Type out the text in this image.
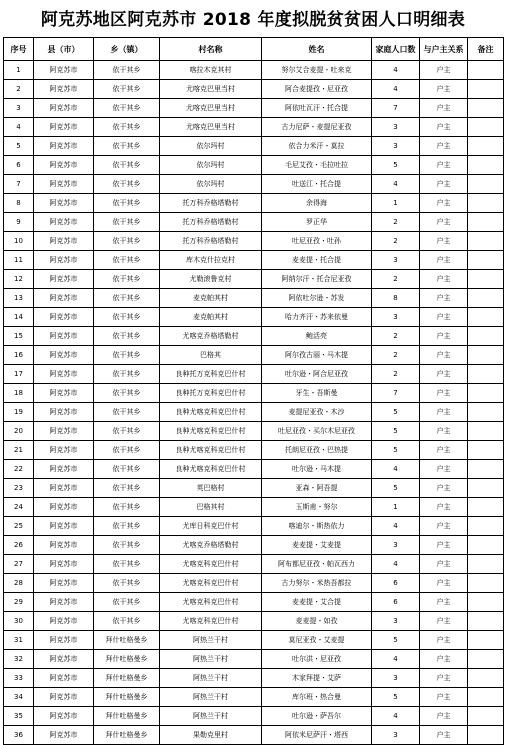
阿克苏地区阿克苏市 2018 年度拟脱贫贫困人口明细表
序号	县（市）	乡（镇）	村名称	姓名	家庭人口数	与户主关系	备注
1	阿克苏市	依干其乡	喀拉木克其村	努尔艾合麦提・吐来克	4	户主	
2	阿克苏市	依干其乡	尤喀克巴里当村	阿合麦提孜・尼亚孜	4	户主	
3	阿克苏市	依干其乡	尤喀克巴里当村	阿依吐瓦汗・托合提	7	户主	
4	阿克苏市	依干其乡	尤喀克巴里当村	古力尼萨・麦提尼亚孜	3	户主	
5	阿克苏市	依干其乡	依尔玛村	依合力米汗・莫拉	3	户主	
6	阿克苏市	依干其乡	依尔玛村	毛尼艾孜・毛拉吐拉	5	户主	
7	阿克苏市	依干其乡	依尔玛村	吐送江・托合提	4	户主	
8	阿克苏市	依干其乡	托万科乔格塔勒村	余得海	1	户主	
9	阿克苏市	依干其乡	托万科乔格塔勒村	罗正华	2	户主	
10	阿克苏市	依干其乡	托万科乔格塔勒村	吐尼亚孜・吐孙	2	户主	
11	阿克苏市	依干其乡	库木克什拉克村	麦麦提・托合提	3	户主	
12	阿克苏市	依干其乡	尤勒滚鲁克村	阿纳尔汗・托合尼亚孜	2	户主	
13	阿克苏市	依干其乡	麦克帕其村	阿依吐尔逊・苏发	8	户主	
14	阿克苏市	依干其乡	麦克帕其村	哈力齐汗・苏来依曼	3	户主	
15	阿克苏市	依干其乡	尤喀克乔格塔勒村	鲍活亮	2	户主	
16	阿克苏市	依干其乡	巴格其	阿尔孜古丽・马木提	2	户主	
17	阿克苏市	依干其乡	良种托万克科克巴什村	吐尔逊・阿合尼亚孜	2	户主	
18	阿克苏市	依干其乡	良种托万克科克巴什村	牙生・吾斯曼	7	户主	
19	阿克苏市	依干其乡	良种尤喀克科克巴什村	麦提尼亚孜・木沙	5	户主	
20	阿克苏市	依干其乡	良种尤喀克科克巴什村	吐尼亚孜・买尔木尼亚孜	5	户主	
21	阿克苏市	依干其乡	良种尤喀克科克巴什村	托朗尼亚孜・巴热提	5	户主	
22	阿克苏市	依干其乡	良种尤喀克科克巴什村	吐尔逊・马木提	4	户主	
23	阿克苏市	依干其乡	英巴格村	亚森・阿吾提	5	户主	
24	阿克苏市	依干其乡	巴格其村	玉斯甫・努尔	1	户主	
25	阿克苏市	依干其乡	尤库日科克巴什村	喀迪尔・斯热依力	4	户主	
26	阿克苏市	依干其乡	尤喀克乔格塔勒村	麦麦提・艾麦提	3	户主	
27	阿克苏市	依干其乡	尤喀克科克巴什村	阿布都尼亚孜・帕瓦西力	4	户主	
28	阿克苏市	依干其乡	尤喀克科克巴什村	古力努尔・米热吾都拉	6	户主	
29	阿克苏市	依干其乡	尤喀克科克巴什村	麦麦提・艾合提	6	户主	
30	阿克苏市	依干其乡	尤喀克科克巴什村	麦麦提・如孜	3	户主	
31	阿克苏市	拜什吐格曼乡	阿热兰干村	莫尼亚孜・艾麦提	5	户主	
32	阿克苏市	拜什吐格曼乡	阿热兰干村	吐尔洪・尼亚孜	4	户主	
33	阿克苏市	拜什吐格曼乡	阿热兰干村	木家拜提・艾萨	3	户主	
34	阿克苏市	拜什吐格曼乡	阿热兰干村	库尔班・热合曼	5	户主	
35	阿克苏市	拜什吐格曼乡	阿热兰干村	吐尔逊・萨吾尔	4	户主	
36	阿克苏市	拜什吐格曼乡	果勒克里村	阿依米尼萨汗・塔西	3	户主	
